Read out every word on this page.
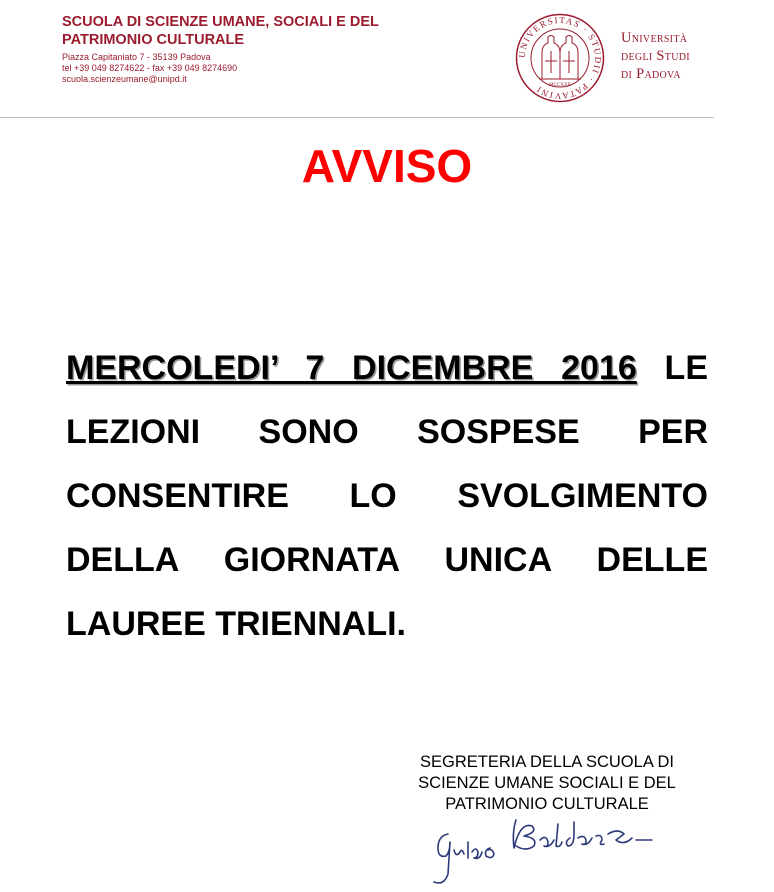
SCUOLA DI SCIENZE UMANE, SOCIALI E DEL PATRIMONIO CULTURALE
Piazza Capitaniato 7 - 35139 Padova
tel +39 049 8274622 - fax +39 049 8274690
scuola.scienzeumane@unipd.it
UNIVERSITAS · STUDII · PATAVINI	MCCXXII
Università
degli Studi
di Padova
AVVISO
MERCOLEDI’ 7 DICEMBRE 2016 LE LEZIONI SONO SOSPESE PER CONSENTIRE LO SVOLGIMENTO DELLA GIORNATA UNICA DELLE LAUREE TRIENNALI.
SEGRETERIA DELLA SCUOLA DI SCIENZE UMANE SOCIALI E DEL PATRIMONIO CULTURALE
